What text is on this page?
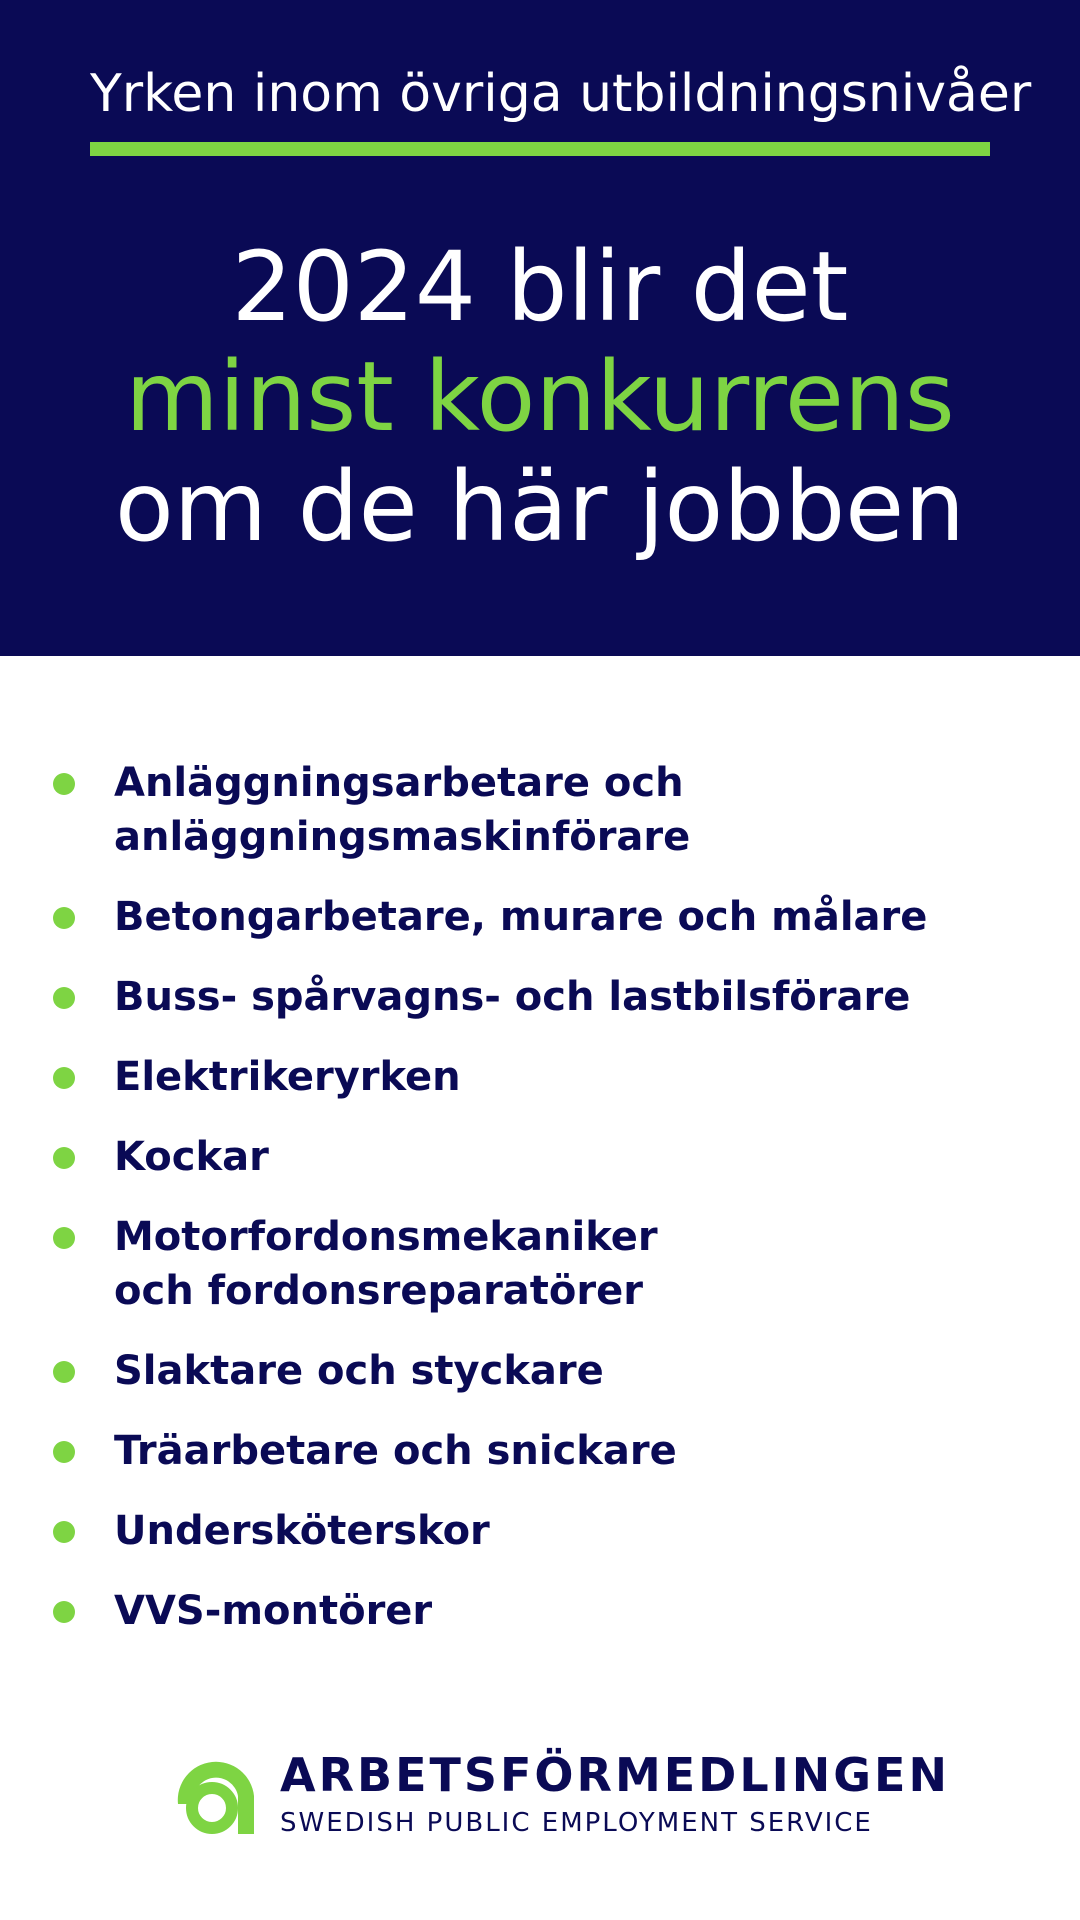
Yrken inom övriga utbildningsnivåer
2024 blir det
minst konkurrens
om de här jobben
Anläggningsarbetare och
anläggningsmaskinförare
Betongarbetare, murare och målare
Buss- spårvagns- och lastbilsförare
Elektrikeryrken
Kockar
Motorfordonsmekaniker
och fordonsreparatörer
Slaktare och styckare
Träarbetare och snickare
Undersköterskor
VVS-montörer
ARBETSFÖRMEDLINGEN
SWEDISH PUBLIC EMPLOYMENT SERVICE
